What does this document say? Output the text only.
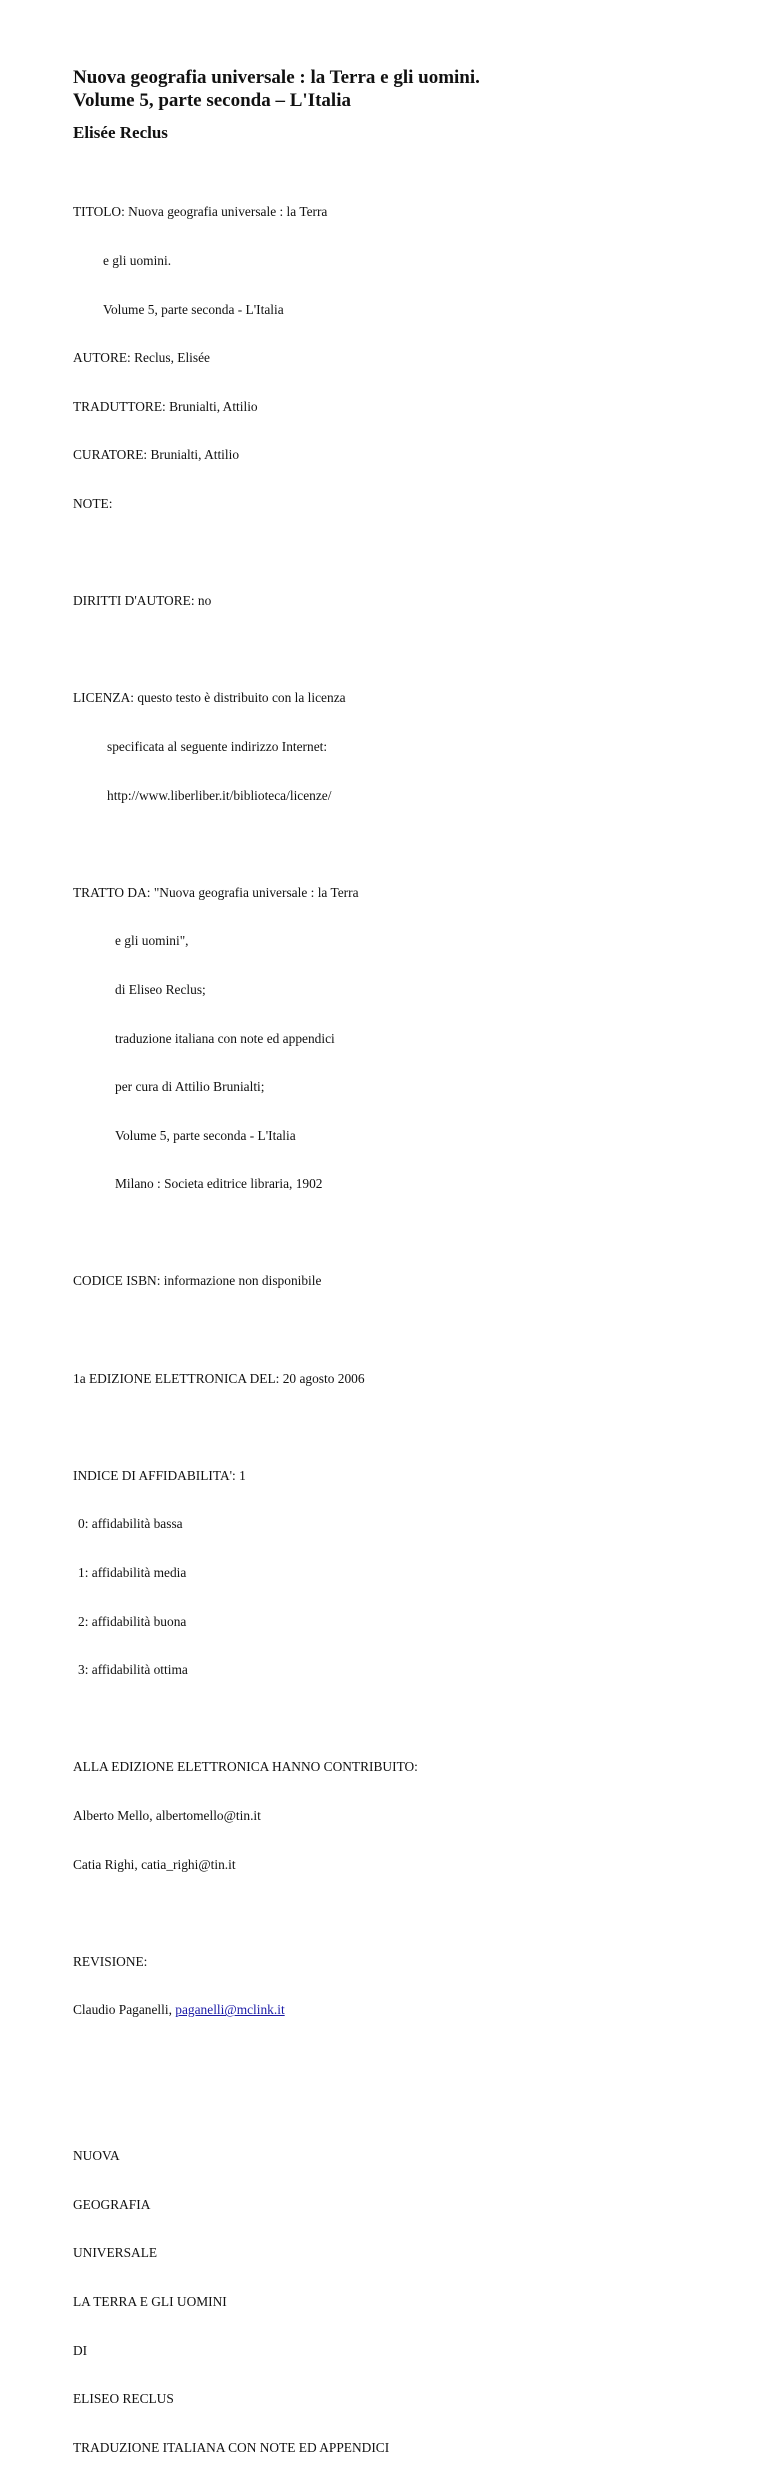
Nuova geografia universale : la Terra e gli uomini.
Volume 5, parte seconda – L'Italia

Elisée Reclus

TITOLO: Nuova geografia universale : la Terra

e gli uomini.

Volume 5, parte seconda - L'Italia

AUTORE: Reclus, Elisée

TRADUTTORE: Brunialti, Attilio

CURATORE: Brunialti, Attilio

NOTE:

DIRITTI D'AUTORE: no

LICENZA: questo testo è distribuito con la licenza

specificata al seguente indirizzo Internet:

http://www.liberliber.it/biblioteca/licenze/

TRATTO DA: "Nuova geografia universale : la Terra

e gli uomini",

di Eliseo Reclus;

traduzione italiana con note ed appendici

per cura di Attilio Brunialti;

Volume 5, parte seconda - L'Italia

Milano : Societa editrice libraria, 1902

CODICE ISBN: informazione non disponibile

1a EDIZIONE ELETTRONICA DEL: 20 agosto 2006

INDICE DI AFFIDABILITA': 1

0: affidabilità bassa

1: affidabilità media

2: affidabilità buona

3: affidabilità ottima

ALLA EDIZIONE ELETTRONICA HANNO CONTRIBUITO:

Alberto Mello, albertomello@tin.it

Catia Righi, catia_righi@tin.it

REVISIONE:

Claudio Paganelli, paganelli@mclink.it

NUOVA

GEOGRAFIA

UNIVERSALE

LA TERRA E GLI UOMINI

DI

ELISEO RECLUS

TRADUZIONE ITALIANA CON NOTE ED APPENDICI
